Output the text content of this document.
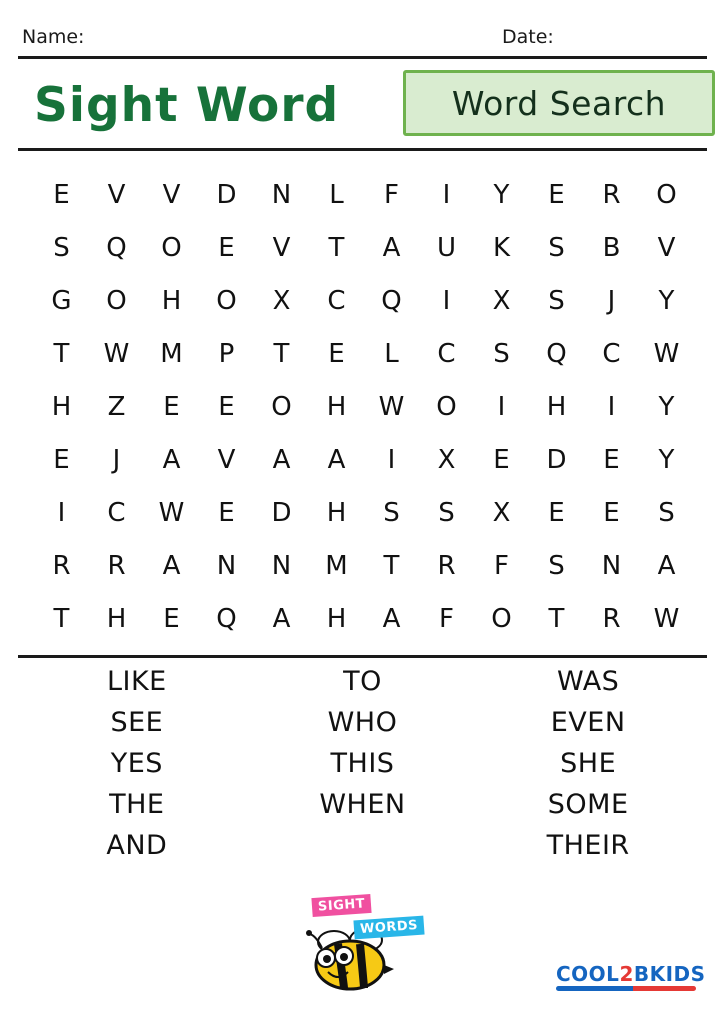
Name:	Date:
Sight Word	Word Search
E V V D N L F I Y E R O
S Q O E V T A U K S B V
G O H O X C Q I X S J Y
T W M P T E L C S Q C W
H Z E E O H W O I H I Y
E J A V A A I X E D E Y
I C W E D H S S X E E S
R R A N N M T R F S N A
T H E Q A H A F O T R W
LIKE
SEE
YES
THE
AND
TO
WHO
THIS
WHEN
WAS
EVEN
SHE
SOME
THEIR
SIGHT
WORDS
COOL2BKIDS
